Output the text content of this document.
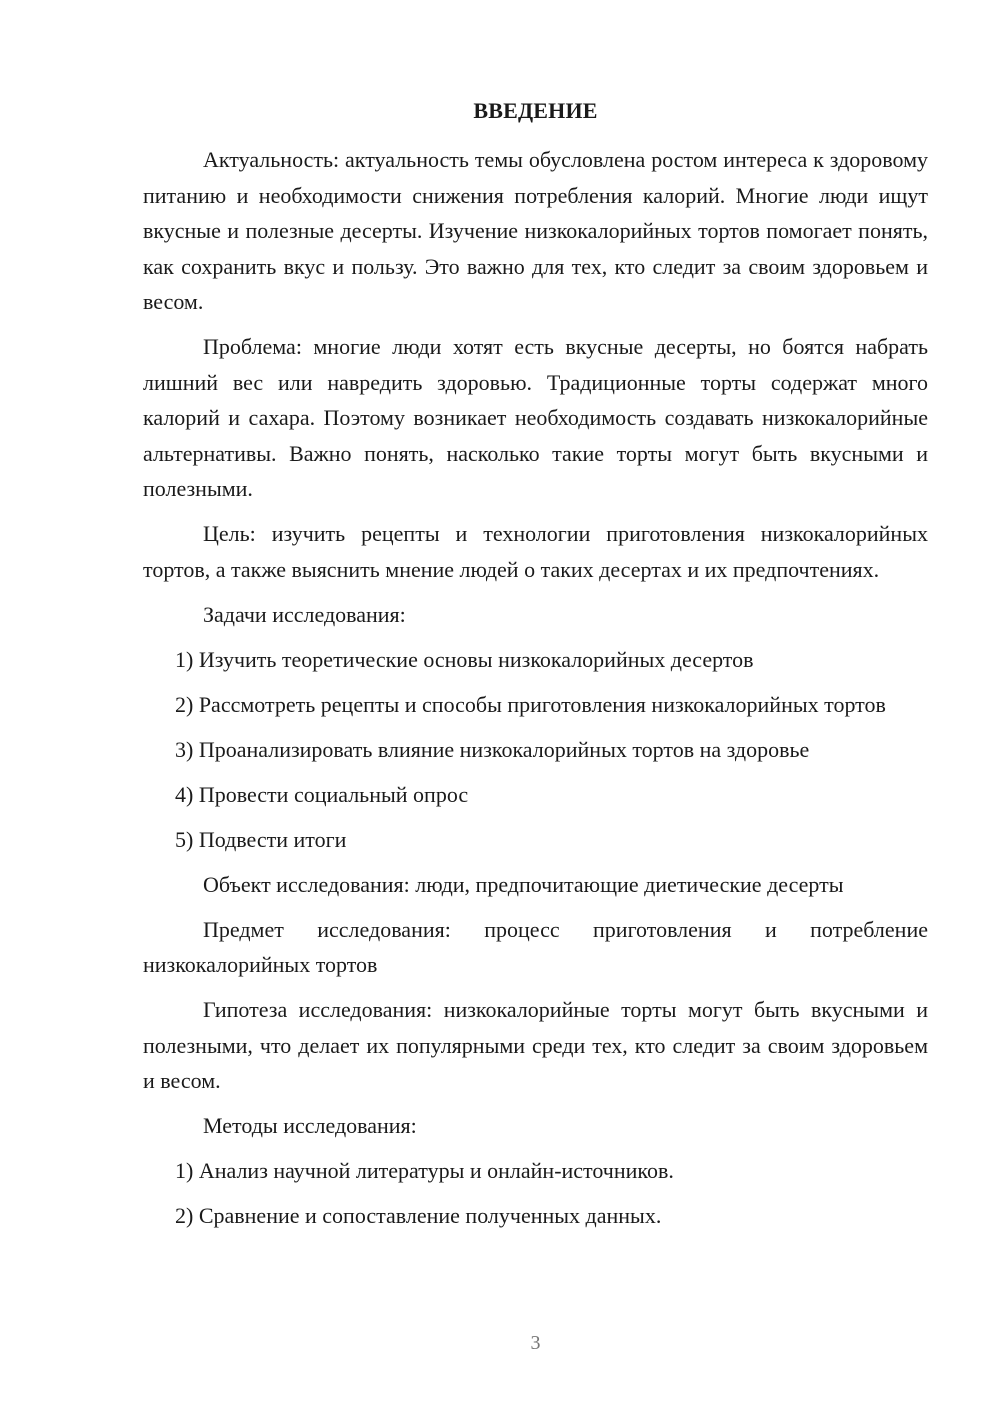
ВВЕДЕНИЕ

Актуальность: актуальность темы обусловлена ростом интереса к здоровому питанию и необходимости снижения потребления калорий. Многие люди ищут вкусные и полезные десерты. Изучение низкокалорийных тортов помогает понять, как сохранить вкус и пользу. Это важно для тех, кто следит за своим здоровьем и весом.

Проблема: многие люди хотят есть вкусные десерты, но боятся набрать лишний вес или навредить здоровью. Традиционные торты содержат много калорий и сахара. Поэтому возникает необходимость создавать низкокалорийные альтернативы. Важно понять, насколько такие торты могут быть вкусными и полезными.

Цель: изучить рецепты и технологии приготовления низкокалорийных тортов, а также выяснить мнение людей о таких десертах и их предпочтениях.

Задачи исследования:

1) Изучить теоретические основы низкокалорийных десертов

2) Рассмотреть рецепты и способы приготовления низкокалорийных тортов

3) Проанализировать влияние низкокалорийных тортов на здоровье

4) Провести социальный опрос

5) Подвести итоги

Объект исследования: люди, предпочитающие диетические десерты

Предмет исследования: процесс приготовления и потребление низкокалорийных тортов

Гипотеза исследования: низкокалорийные торты могут быть вкусными и полезными, что делает их популярными среди тех, кто следит за своим здоровьем и весом.

Методы исследования:

1) Анализ научной литературы и онлайн-источников.

2) Сравнение и сопоставление полученных данных.

3
